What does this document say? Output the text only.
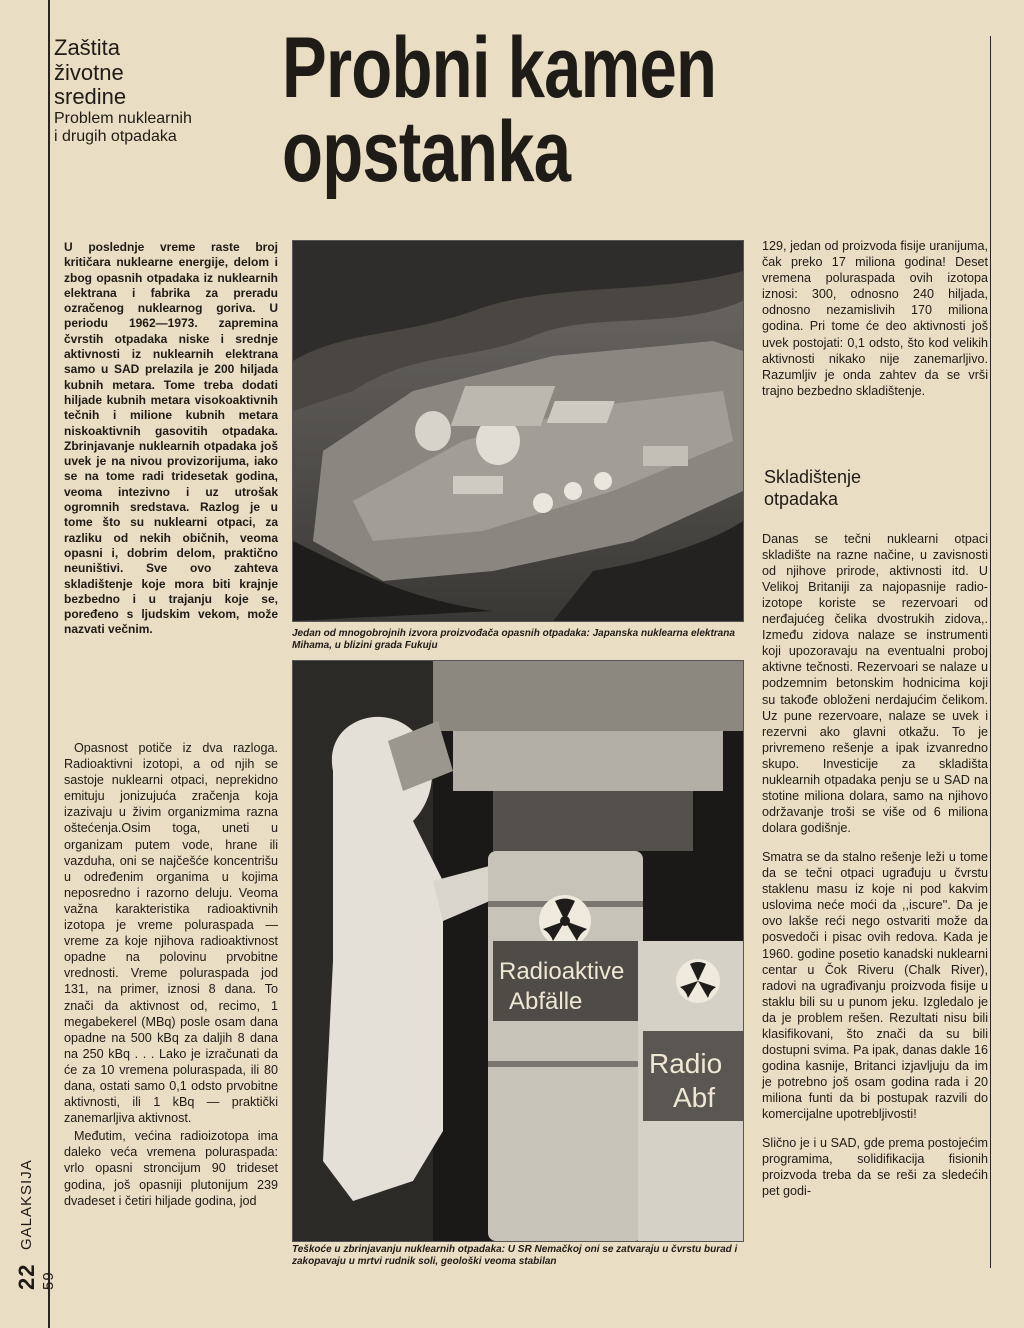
Zaštita
životne
sredine
Problem nuklearnih
i drugih otpadaka
Probni kamen
opstanka
22 GALAKSIJA 59
U poslednje vreme raste broj kritičara nuklearne energije, delom i zbog opasnih otpadaka iz nuklearnih elektrana i fabrika za preradu ozračenog nuklearnog goriva. U periodu 1962—1973. zapremina čvrstih otpadaka niske i srednje aktivnosti iz nuklearnih elektrana samo u SAD prelazila je 200 hiljada kubnih metara. Tome treba dodati hiljade kubnih metara visokoaktivnih tečnih i milione kubnih metara niskoaktivnih gasovitih otpadaka. Zbrinjavanje nuklearnih otpadaka još uvek je na nivou provizorijuma, iako se na tome radi tridesetak godina, veoma intezivno i uz utrošak ogromnih sredstava. Razlog je u tome što su nuklearni otpaci, za razliku od nekih običnih, veoma opasni i, dobrim delom, praktično neuništivi. Sve ovo zahteva skladištenje koje mora biti krajnje bezbedno i u trajanju koje se, poređeno s ljudskim vekom, može nazvati večnim.

Opasnost potiče iz dva razloga. Radioaktivni izotopi, a od njih se sastoje nuklearni otpaci, neprekidno emituju jonizujuća zračenja koja izazivaju u živim organizmima razna oštećenja.Osim toga, uneti u organizam putem vode, hrane ili vazduha, oni se najčešće koncentrišu u određenim organima u kojima neposredno i razorno deluju. Veoma važna karakteristika radioaktivnih izotopa je vreme poluraspada — vreme za koje njihova radioaktivnost opadne na polovinu prvobitne vrednosti. Vreme poluraspada jod 131, na primer, iznosi 8 dana. To znači da aktivnost od, recimo, 1 megabekerel (MBq) posle osam dana opadne na 500 kBq za daljih 8 dana na 250 kBq . . . Lako je izračunati da će za 10 vremena poluraspada, ili 80 dana, ostati samo 0,1 odsto prvobitne aktivnosti, ili 1 kBq — praktički zanemarljiva aktivnost.

Međutim, većina radioizotopa ima daleko veća vremena poluraspada: vrlo opasni stroncijum 90 trideset godina, još opasniji plutonijum 239 dvadeset i četiri hiljade godina, jod

Jedan od mnogobrojnih izvora proizvođača opasnih otpadaka: Japanska nuklearna elektrana Mihama, u blizini grada Fukuju
Radioaktive
Abfälle
Radio
Abf
Teškoće u zbrinjavanju nuklearnih otpadaka: U SR Nemačkoj oni se zatvaraju u čvrstu burad i zakopavaju u mrtvi rudnik soli, geološki veoma stabilan

129, jedan od proizvoda fisije uranijuma, čak preko 17 miliona godina! Deset vremena poluraspada ovih izotopa iznosi: 300, odnosno 240 hiljada, odnosno nezamislivih 170 miliona godina. Pri tome će deo aktivnosti još uvek postojati: 0,1 odsto, što kod velikih aktivnosti nikako nije zanemarljivo. Razumljiv je onda zahtev da se vrši trajno bezbedno skladištenje.

Skladištenje
otpadaka

Danas se tečni nuklearni otpaci skladište na razne načine, u zavisnosti od njihove prirode, aktivnosti itd. U Velikoj Britaniji za najopasnije radio-izotope koriste se rezervoari od nerđajućeg čelika dvostrukih zidova,. Između zidova nalaze se instrumenti koji upozoravaju na eventualni proboj aktivne tečnosti. Rezervoari se nalaze u podzemnim betonskim hodnicima koji su takođe obloženi nerdajućim čelikom. Uz pune rezervoare, nalaze se uvek i rezervni ako glavni otkažu. To je privremeno rešenje a ipak izvanredno skupo. Investicije za skladišta nuklearnih otpadaka penju se u SAD na stotine miliona dolara, samo na njihovo održavanje troši se više od 6 miliona dolara godišnje.

Smatra se da stalno rešenje leži u tome da se tečni otpaci ugrađuju u čvrstu staklenu masu iz koje ni pod kakvim uslovima neće moći da ,,iscure''. Da je ovo lakše reći nego ostvariti može da posvedoči i pisac ovih redova. Kada je 1960. godine posetio kanadski nuklearni centar u Čok Riveru (Chalk River), radovi na ugrađivanju proizvoda fisije u staklu bili su u punom jeku. Izgledalo je da je problem rešen. Rezultati nisu bili klasifikovani, što znači da su bili dostupni svima. Pa ipak, danas dakle 16 godina kasnije, Britanci izjavljuju da im je potrebno još osam godina rada i 20 miliona funti da bi postupak razvili do komercijalne upotrebljivosti!

Slično je i u SAD, gde prema postojećim programima, solidifikacija fisionih proizvoda treba da se reši za sledećih pet godi-
